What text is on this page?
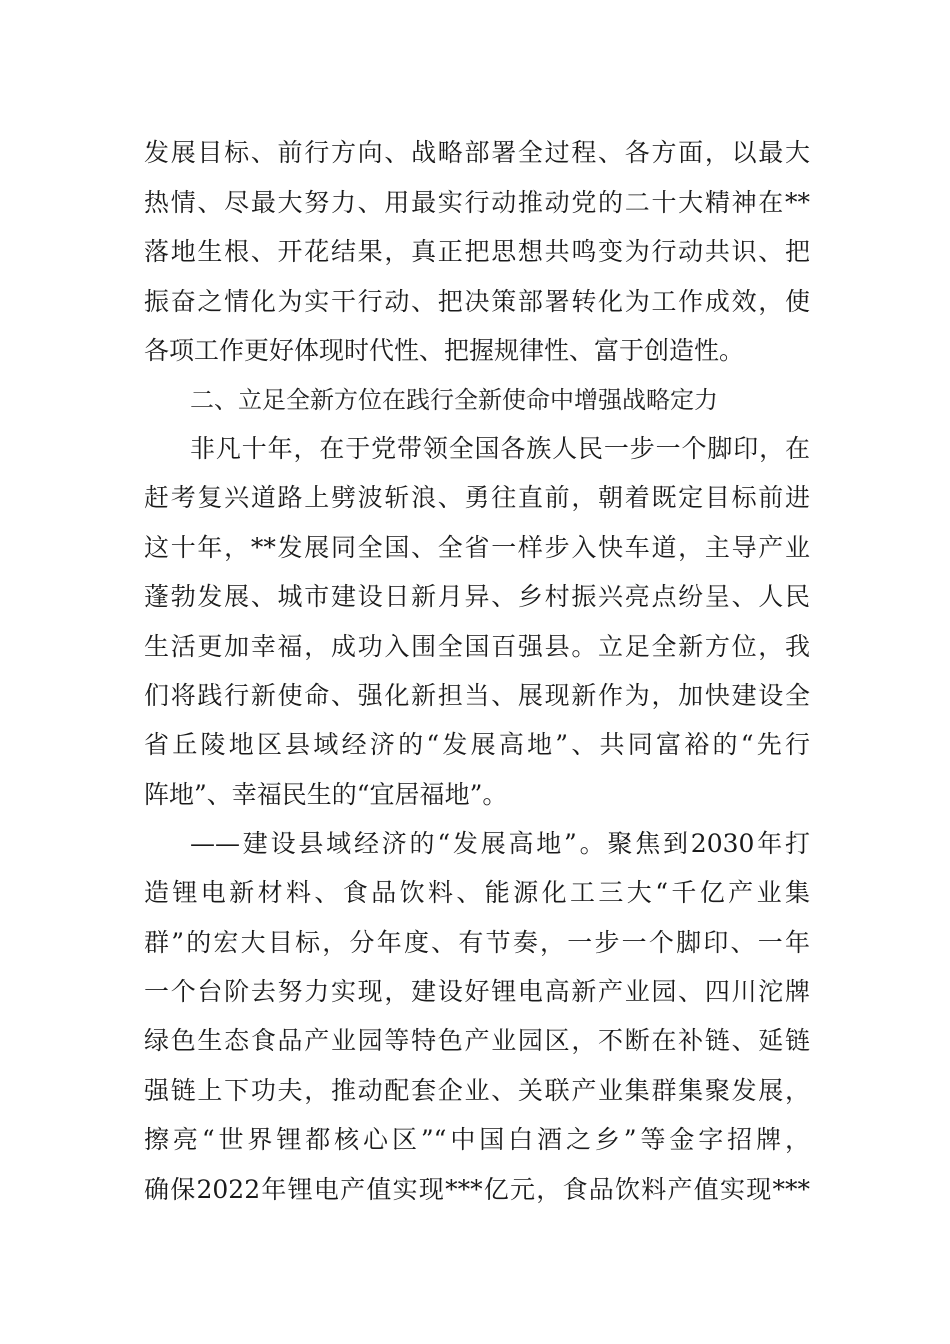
发展目标、前行方向、战略部署全过程、各方面，以最大
热情、尽最大努力、用最实行动推动党的二十大精神在**
落地生根、开花结果，真正把思想共鸣变为行动共识、把
振奋之情化为实干行动、把决策部署转化为工作成效，使
各项工作更好体现时代性、把握规律性、富于创造性。
二、立足全新方位在践行全新使命中增强战略定力
非凡十年，在于党带领全国各族人民一步一个脚印，在
赶考复兴道路上劈波斩浪、勇往直前，朝着既定目标前进
这十年，**发展同全国、全省一样步入快车道，主导产业
蓬勃发展、城市建设日新月异、乡村振兴亮点纷呈、人民
生活更加幸福，成功入围全国百强县。立足全新方位，我
们将践行新使命、强化新担当、展现新作为，加快建设全
省丘陵地区县域经济的“发展高地”、共同富裕的“先行
阵地”、幸福民生的“宜居福地”。
——建设县域经济的“发展高地”。聚焦到2030年打
造锂电新材料、食品饮料、能源化工三大“千亿产业集
群”的宏大目标，分年度、有节奏，一步一个脚印、一年
一个台阶去努力实现，建设好锂电高新产业园、四川沱牌
绿色生态食品产业园等特色产业园区，不断在补链、延链
强链上下功夫，推动配套企业、关联产业集群集聚发展，
擦亮“世界锂都核心区”“中国白酒之乡”等金字招牌，
确保2022年锂电产值实现***亿元，食品饮料产值实现***
